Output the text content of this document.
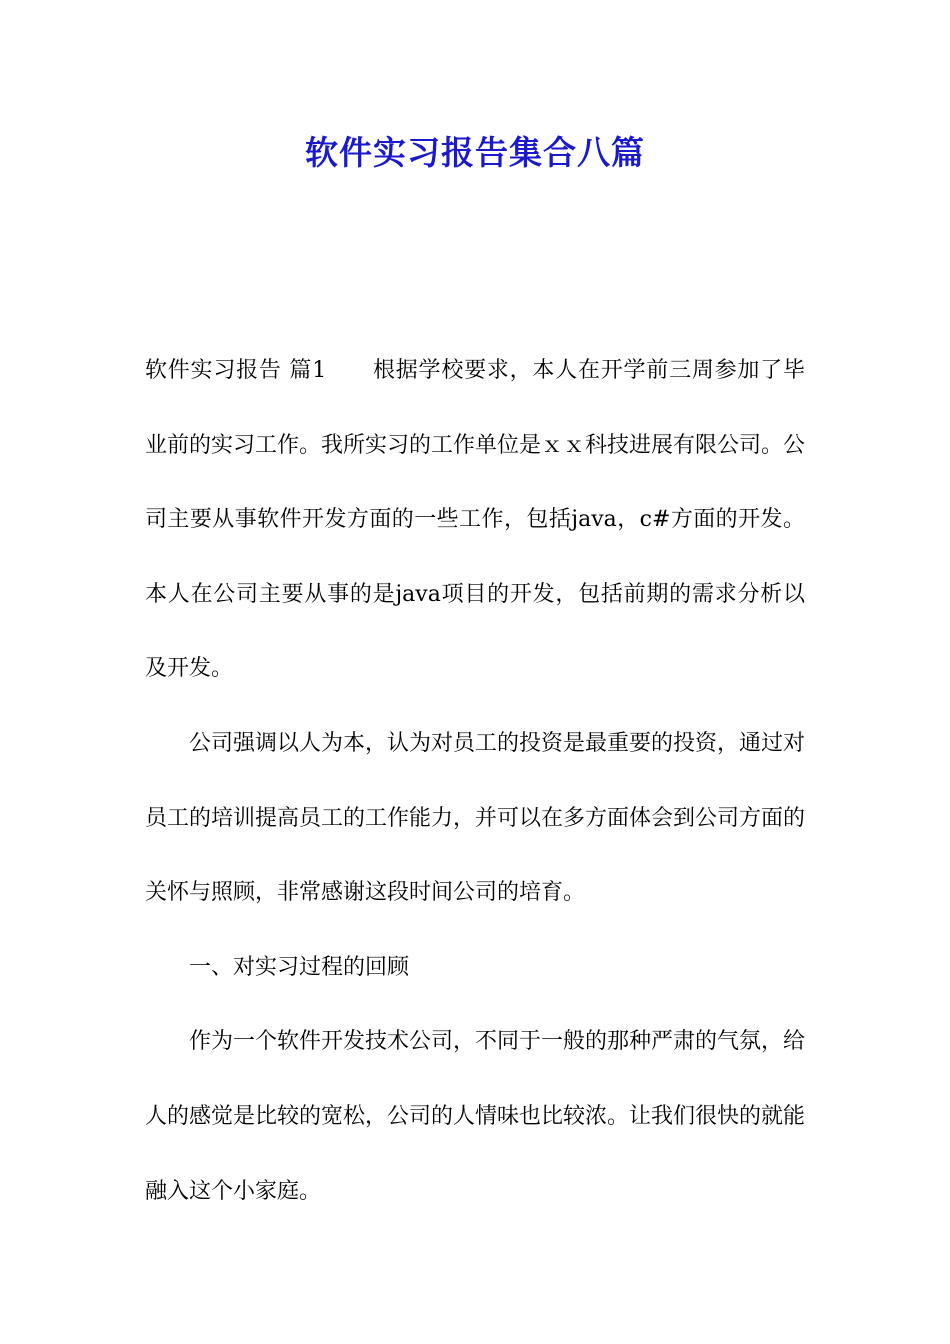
软件实习报告集合八篇

软件实习报告 篇1 根据学校要求，本人在开学前三周参加了毕业前的实习工作。我所实习的工作单位是ｘｘ科技进展有限公司。公司主要从事软件开发方面的一些工作，包括java，c#方面的开发。本人在公司主要从事的是java项目的开发，包括前期的需求分析以及开发。

公司强调以人为本，认为对员工的投资是最重要的投资，通过对员工的培训提高员工的工作能力，并可以在多方面体会到公司方面的关怀与照顾，非常感谢这段时间公司的培育。

一、对实习过程的回顾

作为一个软件开发技术公司，不同于一般的那种严肃的气氛，给人的感觉是比较的宽松，公司的人情味也比较浓。让我们很快的就能融入这个小家庭。
